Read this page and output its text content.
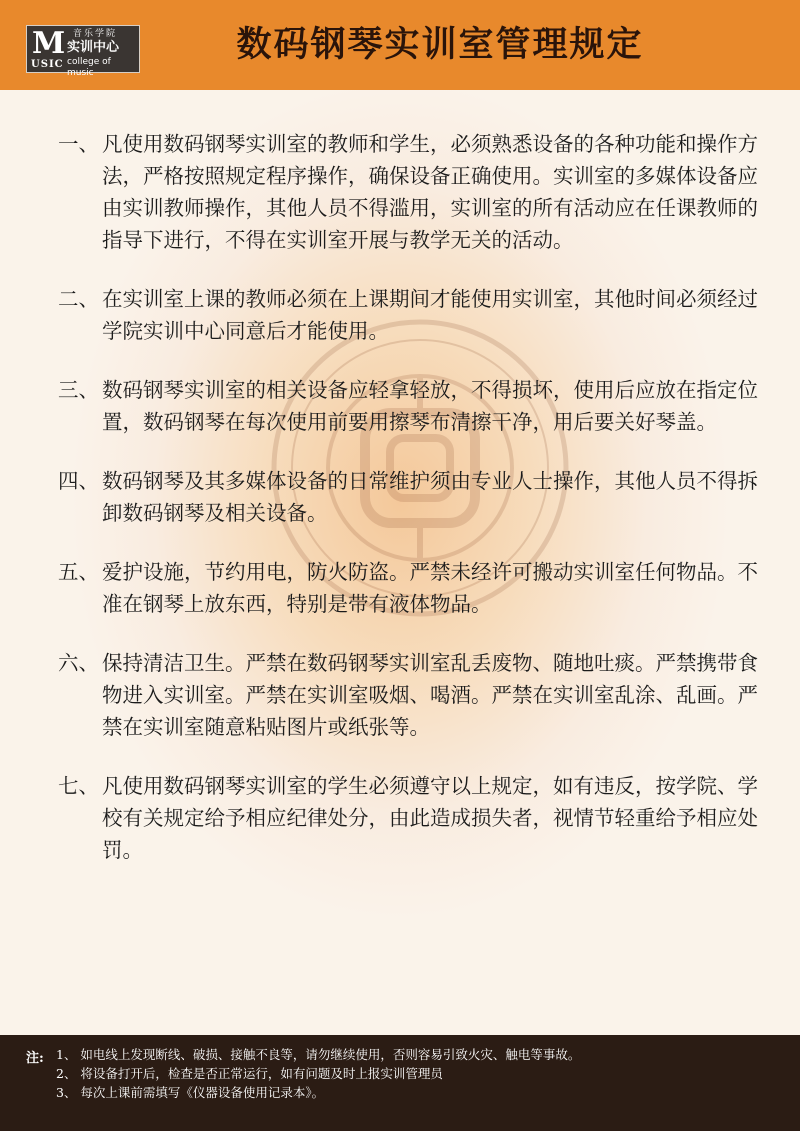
M
USIC
音乐学院
实训中心
college of music
数码钢琴实训室管理规定

一、 凡使用数码钢琴实训室的教师和学生，必须熟悉设备的各种功能和操作方法，严格按照规定程序操作，确保设备正确使用。实训室的多媒体设备应由实训教师操作，其他人员不得滥用，实训室的所有活动应在任课教师的指导下进行，不得在实训室开展与教学无关的活动。

二、 在实训室上课的教师必须在上课期间才能使用实训室，其他时间必须经过学院实训中心同意后才能使用。

三、 数码钢琴实训室的相关设备应轻拿轻放，不得损坏，使用后应放在指定位置，数码钢琴在每次使用前要用擦琴布清擦干净，用后要关好琴盖。

四、 数码钢琴及其多媒体设备的日常维护须由专业人士操作，其他人员不得拆卸数码钢琴及相关设备。

五、 爱护设施，节约用电，防火防盗。严禁未经许可搬动实训室任何物品。不准在钢琴上放东西，特别是带有液体物品。

六、 保持清洁卫生。严禁在数码钢琴实训室乱丢废物、随地吐痰。严禁携带食物进入实训室。严禁在实训室吸烟、喝酒。严禁在实训室乱涂、乱画。严禁在实训室随意粘贴图片或纸张等。

七、 凡使用数码钢琴实训室的学生必须遵守以上规定，如有违反，按学院、学校有关规定给予相应纪律处分，由此造成损失者，视情节轻重给予相应处罚。

注: 1、 如电线上发现断线、破损、接触不良等，请勿继续使用，否则容易引致火灾、触电等事故。
2、 将设备打开后，检查是否正常运行，如有问题及时上报实训管理员
3、 每次上课前需填写《仪器设备使用记录本》。
